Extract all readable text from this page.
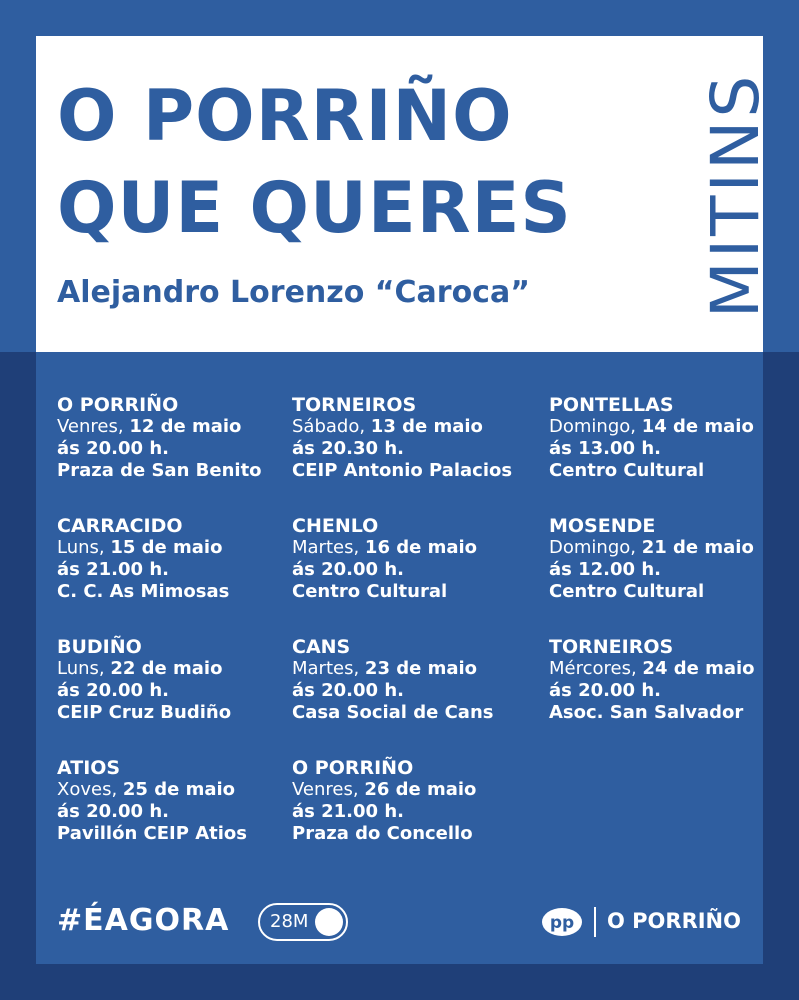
O PORRIÑO
QUE QUERES
Alejandro Lorenzo “Caroca”	MITINS
O PORRIÑO
Venres, 12 de maio
ás 20.00 h.
Praza de San Benito
TORNEIROS
Sábado, 13 de maio
ás 20.30 h.
CEIP Antonio Palacios
PONTELLAS
Domingo, 14 de maio
ás 13.00 h.
Centro Cultural
CARRACIDO
Luns, 15 de maio
ás 21.00 h.
C. C. As Mimosas
CHENLO
Martes, 16 de maio
ás 20.00 h.
Centro Cultural
MOSENDE
Domingo, 21 de maio
ás 12.00 h.
Centro Cultural
BUDIÑO
Luns, 22 de maio
ás 20.00 h.
CEIP Cruz Budiño
CANS
Martes, 23 de maio
ás 20.00 h.
Casa Social de Cans
TORNEIROS
Mércores, 24 de maio
ás 20.00 h.
Asoc. San Salvador
ATIOS
Xoves, 25 de maio
ás 20.00 h.
Pavillón CEIP Atios
O PORRIÑO
Venres, 26 de maio
ás 21.00 h.
Praza do Concello
#ÉAGORA 28M	pp O PORRIÑO
